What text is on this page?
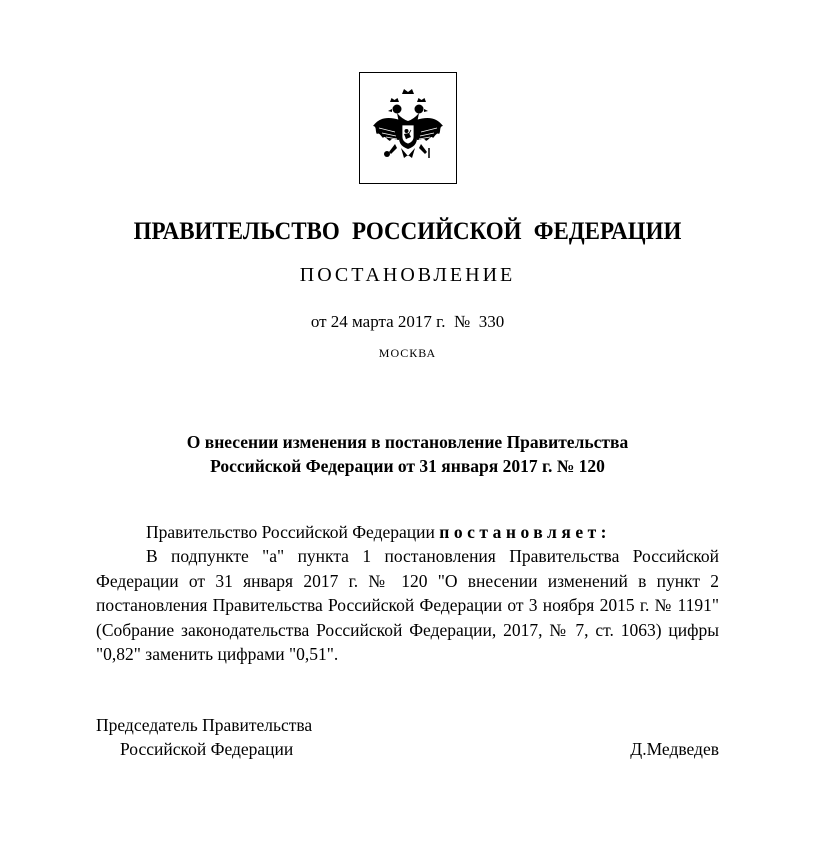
ПРАВИТЕЛЬСТВО РОССИЙСКОЙ ФЕДЕРАЦИИ
ПОСТАНОВЛЕНИЕ
от 24 марта 2017 г.  №  330
МОСКВА
О внесении изменения в постановление Правительства
Российской Федерации от 31 января 2017 г. № 120
Правительство Российской Федерации постановляет:
В подпункте "а" пункта 1 постановления Правительства Российской Федерации от 31 января 2017 г. № 120 "О внесении изменений в пункт 2 постановления Правительства Российской Федерации от 3 ноября 2015 г. № 1191" (Собрание законодательства Российской Федерации, 2017, № 7, ст. 1063) цифры "0,82" заменить цифрами "0,51".
Председатель Правительства
Российской Федерации	Д.Медведев
